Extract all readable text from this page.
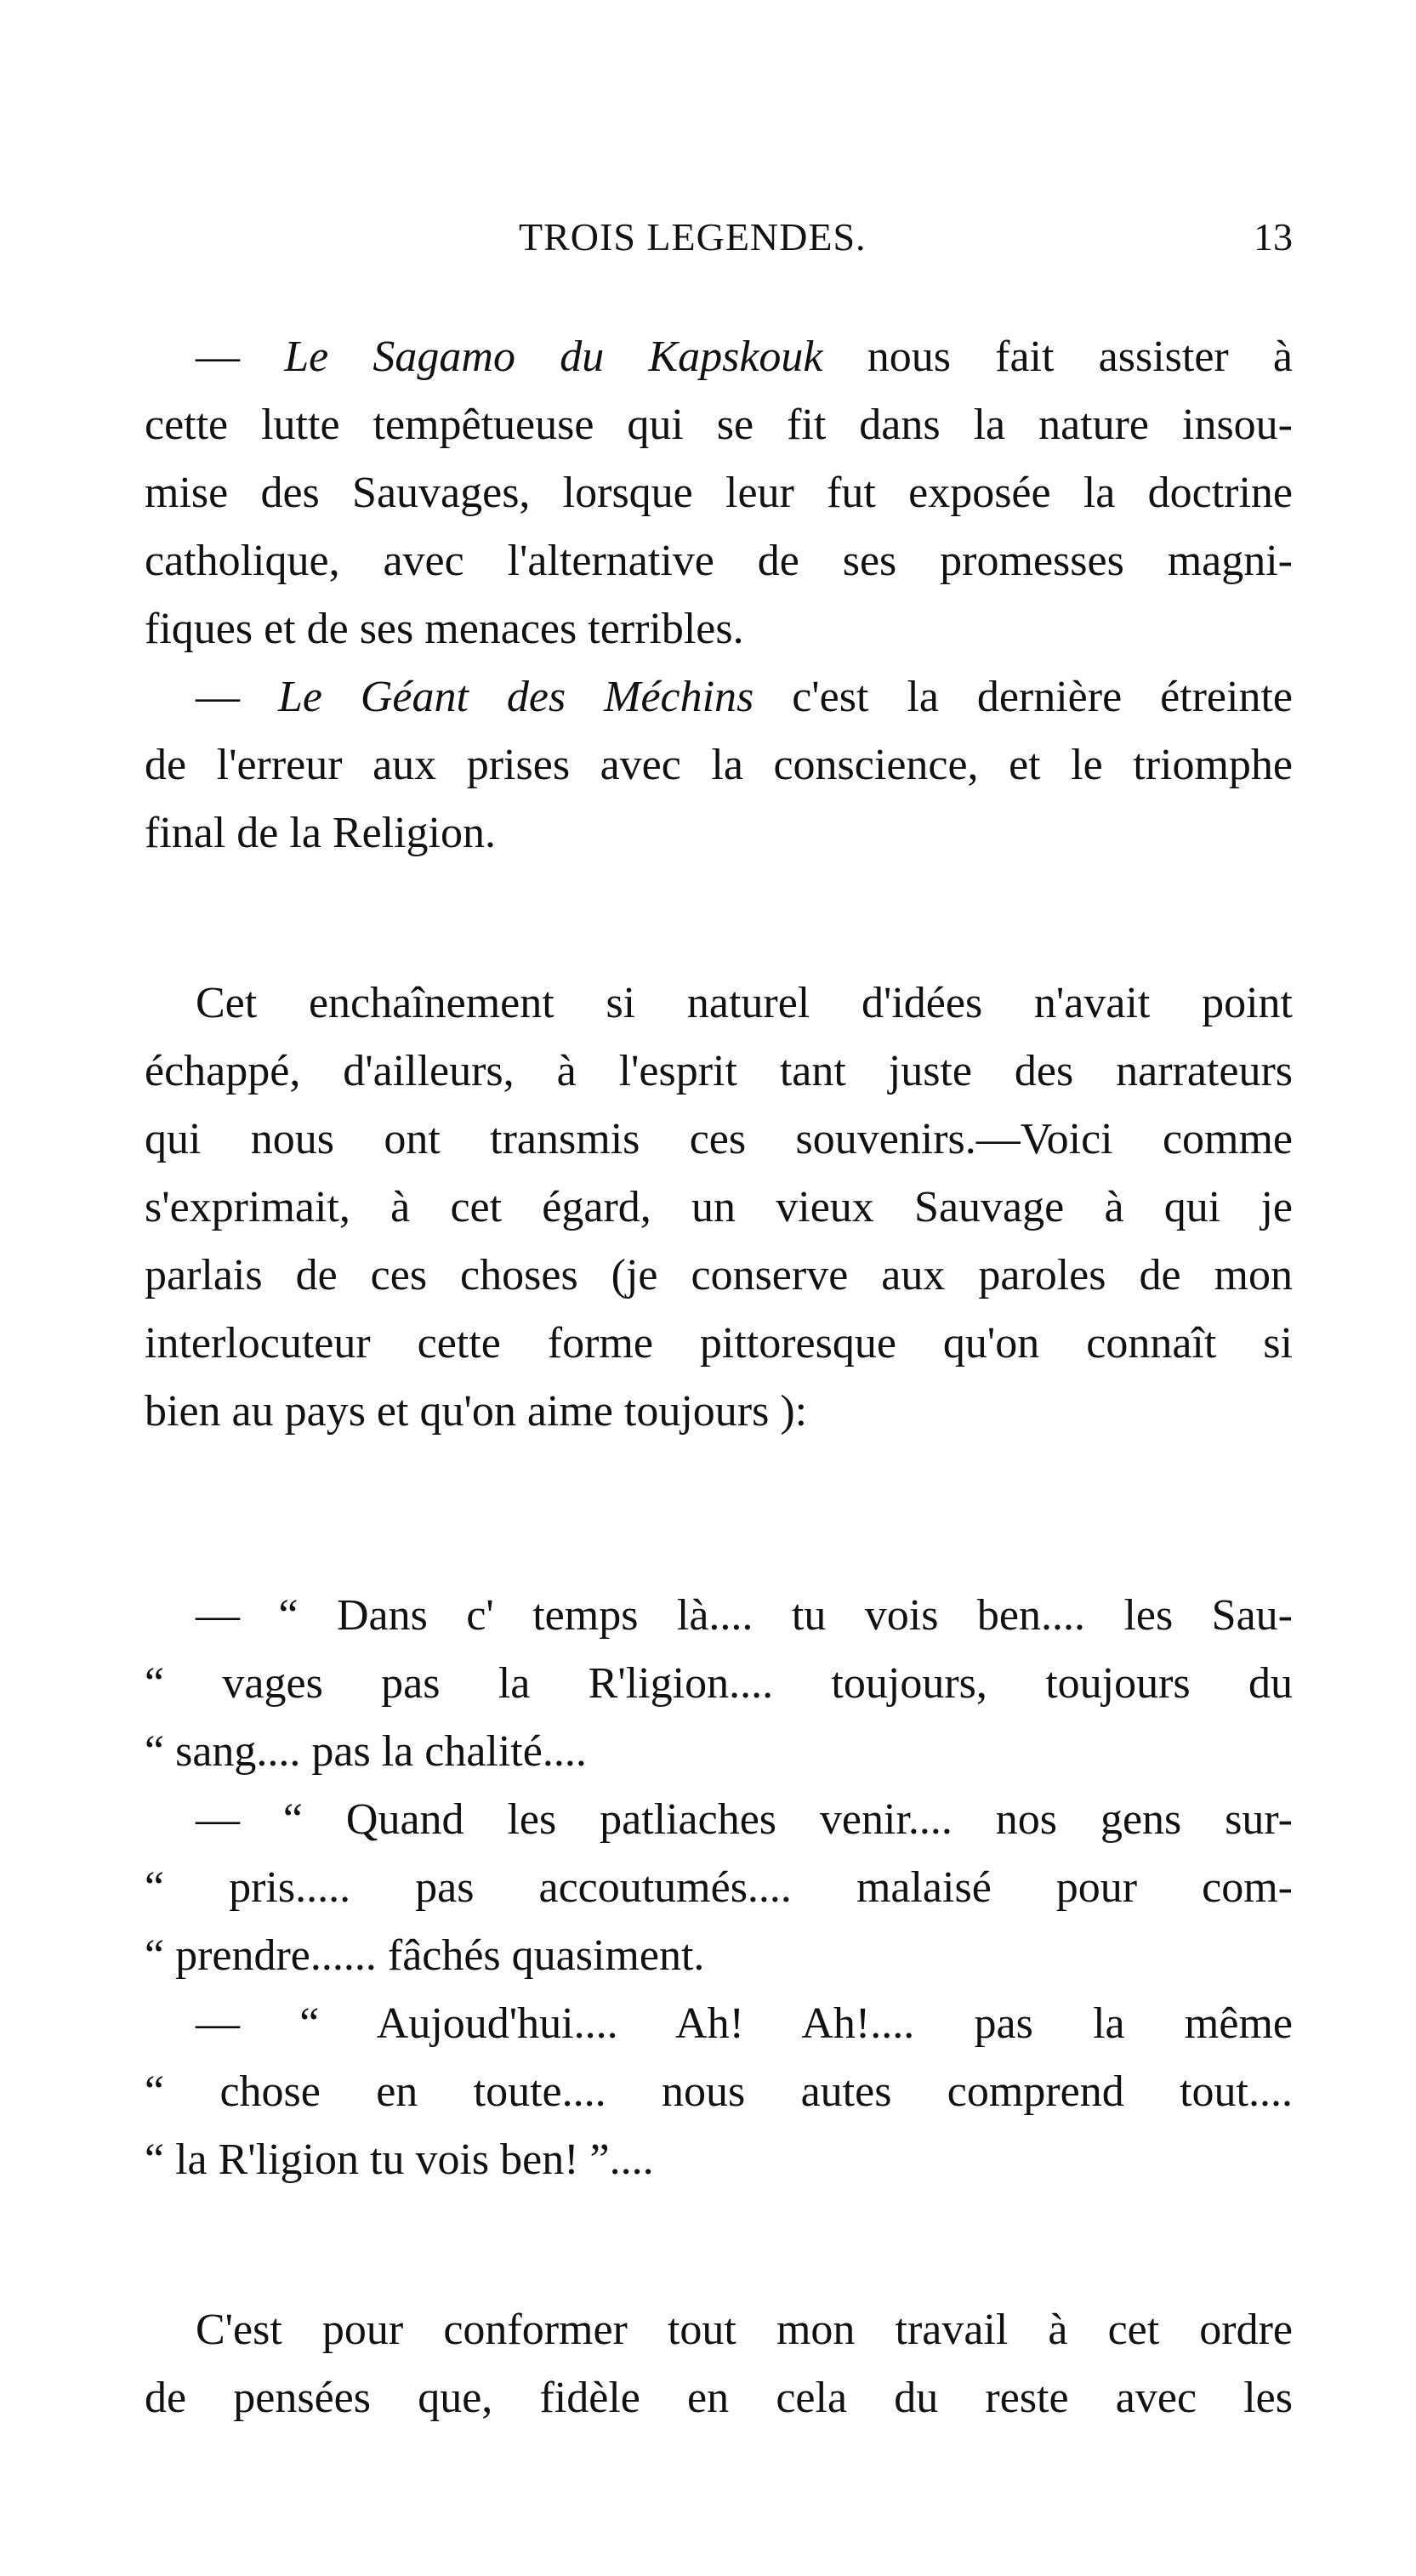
TROIS LEGENDES.	13
— Le Sagamo du Kapskouk nous fait assister à
cette lutte tempêtueuse qui se fit dans la nature insou-
mise des Sauvages, lorsque leur fut exposée la doctrine
catholique, avec l'alternative de ses promesses magni-
fiques et de ses menaces terribles.
— Le Géant des Méchins c'est la dernière étreinte
de l'erreur aux prises avec la conscience, et le triomphe
final de la Religion.
Cet enchaînement si naturel d'idées n'avait point
échappé, d'ailleurs, à l'esprit tant juste des narrateurs
qui nous ont transmis ces souvenirs.—Voici comme
s'exprimait, à cet égard, un vieux Sauvage à qui je
parlais de ces choses (je conserve aux paroles de mon
interlocuteur cette forme pittoresque qu'on connaît si
bien au pays et qu'on aime toujours ):
— “ Dans c' temps là.... tu vois ben.... les Sau-
“ vages pas la R'ligion.... toujours, toujours du
“ sang.... pas la chalité....
— “ Quand les patliaches venir.... nos gens sur-
“ pris..... pas accoutumés.... malaisé pour com-
“ prendre...... fâchés quasiment.
— “ Aujoud'hui.... Ah! Ah!.... pas la même
“ chose en toute.... nous autes comprend tout....
“ la R'ligion tu vois ben! ”....
C'est pour conformer tout mon travail à cet ordre
de pensées que, fidèle en cela du reste avec les
